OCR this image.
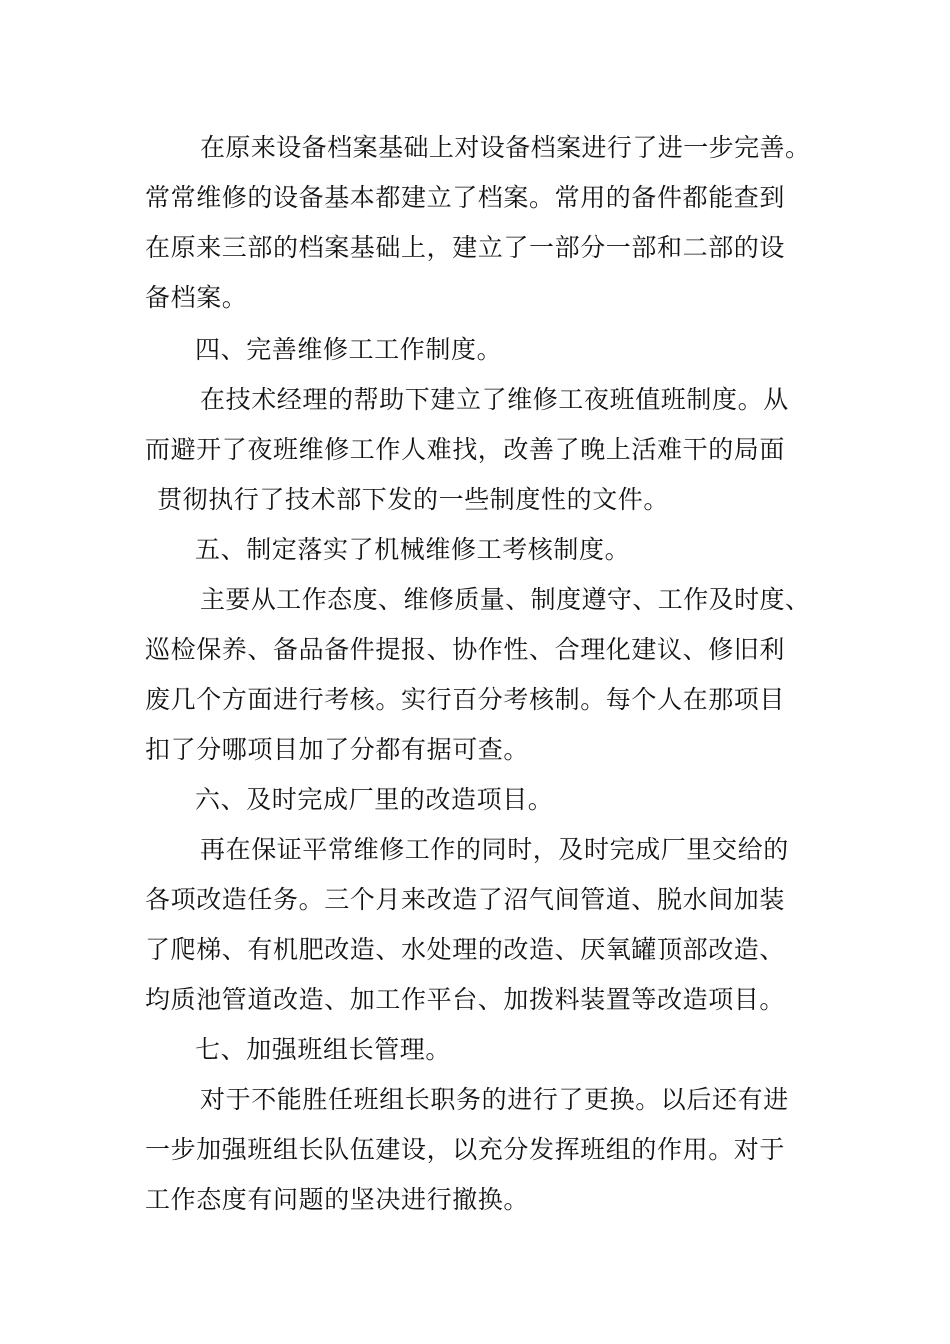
在原来设备档案基础上对设备档案进行了进一步完善。
常常维修的设备基本都建立了档案。常用的备件都能查到
在原来三部的档案基础上，建立了一部分一部和二部的设
备档案。
四、完善维修工工作制度。
在技术经理的帮助下建立了维修工夜班值班制度。从
而避开了夜班维修工作人难找，改善了晚上活难干的局面
贯彻执行了技术部下发的一些制度性的文件。
五、制定落实了机械维修工考核制度。
主要从工作态度、维修质量、制度遵守、工作及时度、
巡检保养、备品备件提报、协作性、合理化建议、修旧利
废几个方面进行考核。实行百分考核制。每个人在那项目
扣了分哪项目加了分都有据可查。
六、及时完成厂里的改造项目。
再在保证平常维修工作的同时，及时完成厂里交给的
各项改造任务。三个月来改造了沼气间管道、脱水间加装
了爬梯、有机肥改造、水处理的改造、厌氧罐顶部改造、
均质池管道改造、加工作平台、加拨料装置等改造项目。
七、加强班组长管理。
对于不能胜任班组长职务的进行了更换。以后还有进
一步加强班组长队伍建设，以充分发挥班组的作用。对于
工作态度有问题的坚决进行撤换。
